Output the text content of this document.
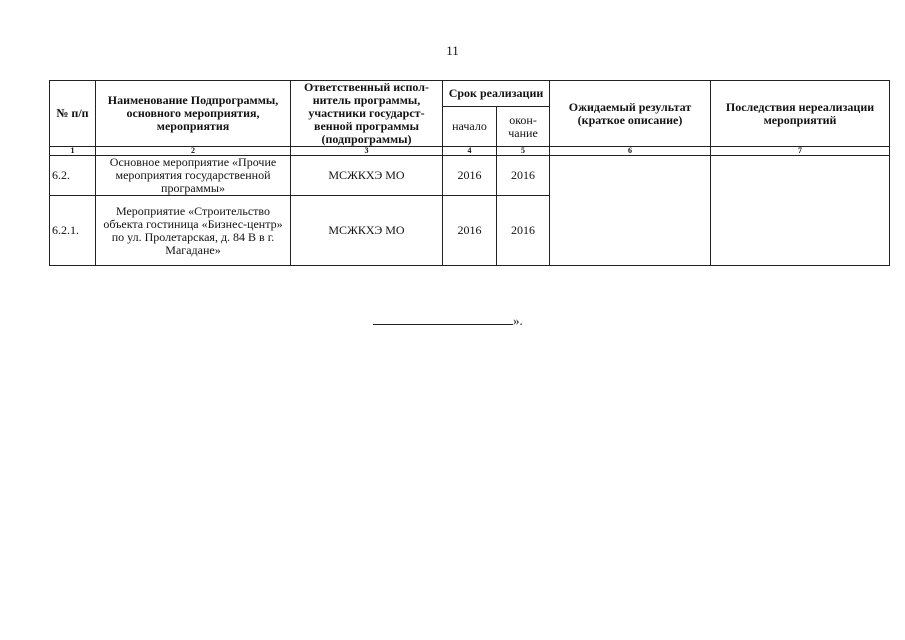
11
№ п/п	Наименование Подпрограммы, основного мероприятия, мероприятия	Ответственный испол- нитель программы, участники государст- венной программы (подпрограммы)	Срок реализации		Ожидаемый результат (краткое описание)	Последствия нереализации мероприятий
			начало	окон- чание		
1	2	3	4	5	6	7
6.2.	Основное мероприятие «Прочие мероприятия государственной программы»	МСЖКХЭ МО	2016	2016		
6.2.1.	Мероприятие «Строительство объекта гостиница «Бизнес-центр» по ул. Пролетарская, д. 84 В в г. Магадане»	МСЖКХЭ МО	2016	2016		
».
